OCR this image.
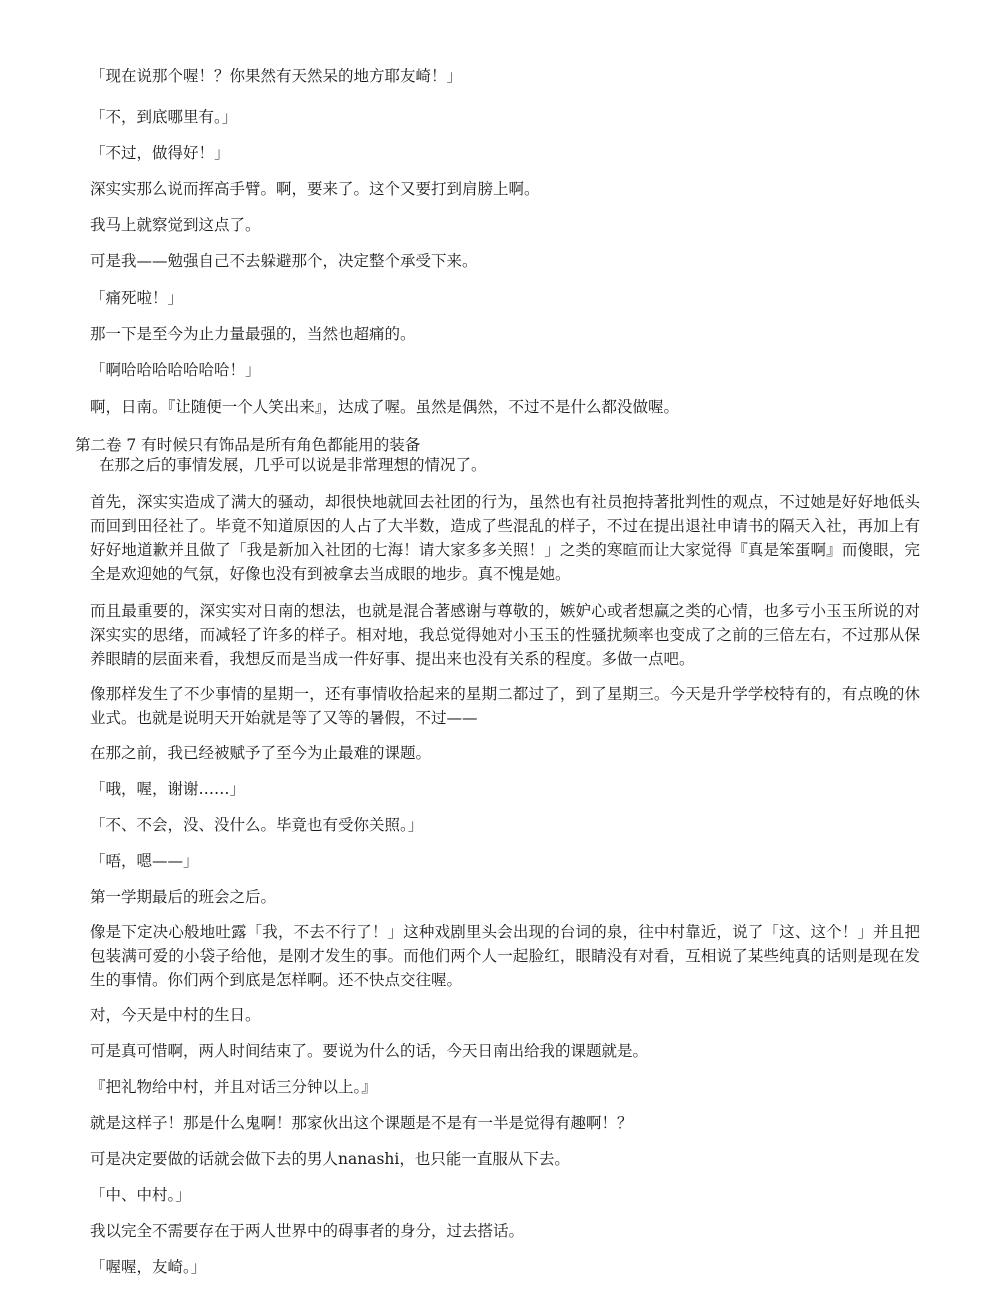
「现在说那个喔！？你果然有天然呆的地方耶友崎！」
「不，到底哪里有。」
「不过，做得好！」
深实实那么说而挥高手臂。啊，要来了。这个又要打到肩膀上啊。
我马上就察觉到这点了。
可是我——勉强自己不去躲避那个，决定整个承受下来。
「痛死啦！」
那一下是至今为止力量最强的，当然也超痛的。
「啊哈哈哈哈哈哈哈！」
啊，日南。『让随便一个人笑出来』，达成了喔。虽然是偶然，不过不是什么都没做喔。
第二卷 7 有时候只有饰品是所有角色都能用的装备
在那之后的事情发展，几乎可以说是非常理想的情况了。
首先，深实实造成了满大的骚动，却很快地就回去社团的行为，虽然也有社员抱持著批判性的观点，不过她是好好地低头而回到田径社了。毕竟不知道原因的人占了大半数，造成了些混乱的样子，不过在提出退社申请书的隔天入社，再加上有好好地道歉并且做了「我是新加入社团的七海！请大家多多关照！」之类的寒暄而让大家觉得『真是笨蛋啊』而傻眼，完全是欢迎她的气氛，好像也没有到被拿去当成眼的地步。真不愧是她。
而且最重要的，深实实对日南的想法，也就是混合著感谢与尊敬的，嫉妒心或者想赢之类的心情，也多亏小玉玉所说的对深实实的思绪，而减轻了许多的样子。相对地，我总觉得她对小玉玉的性骚扰频率也变成了之前的三倍左右，不过那从保养眼睛的层面来看，我想反而是当成一件好事、提出来也没有关系的程度。多做一点吧。
像那样发生了不少事情的星期一，还有事情收拾起来的星期二都过了，到了星期三。今天是升学学校特有的，有点晚的休业式。也就是说明天开始就是等了又等的暑假，不过——
在那之前，我已经被赋予了至今为止最难的课题。
「哦，喔，谢谢……」
「不、不会，没、没什么。毕竟也有受你关照。」
「唔，嗯——」
第一学期最后的班会之后。
像是下定决心般地吐露「我，不去不行了！」这种戏剧里头会出现的台词的泉，往中村靠近，说了「这、这个！」并且把包装满可爱的小袋子给他，是刚才发生的事。而他们两个人一起脸红，眼睛没有对看，互相说了某些纯真的话则是现在发生的事情。你们两个到底是怎样啊。还不快点交往喔。
对，今天是中村的生日。
可是真可惜啊，两人时间结束了。要说为什么的话，今天日南出给我的课题就是。
『把礼物给中村，并且对话三分钟以上。』
就是这样子！那是什么鬼啊！那家伙出这个课题是不是有一半是觉得有趣啊！？
可是决定要做的话就会做下去的男人nanashi，也只能一直服从下去。
「中、中村。」
我以完全不需要存在于两人世界中的碍事者的身分，过去搭话。
「喔喔，友崎。」
